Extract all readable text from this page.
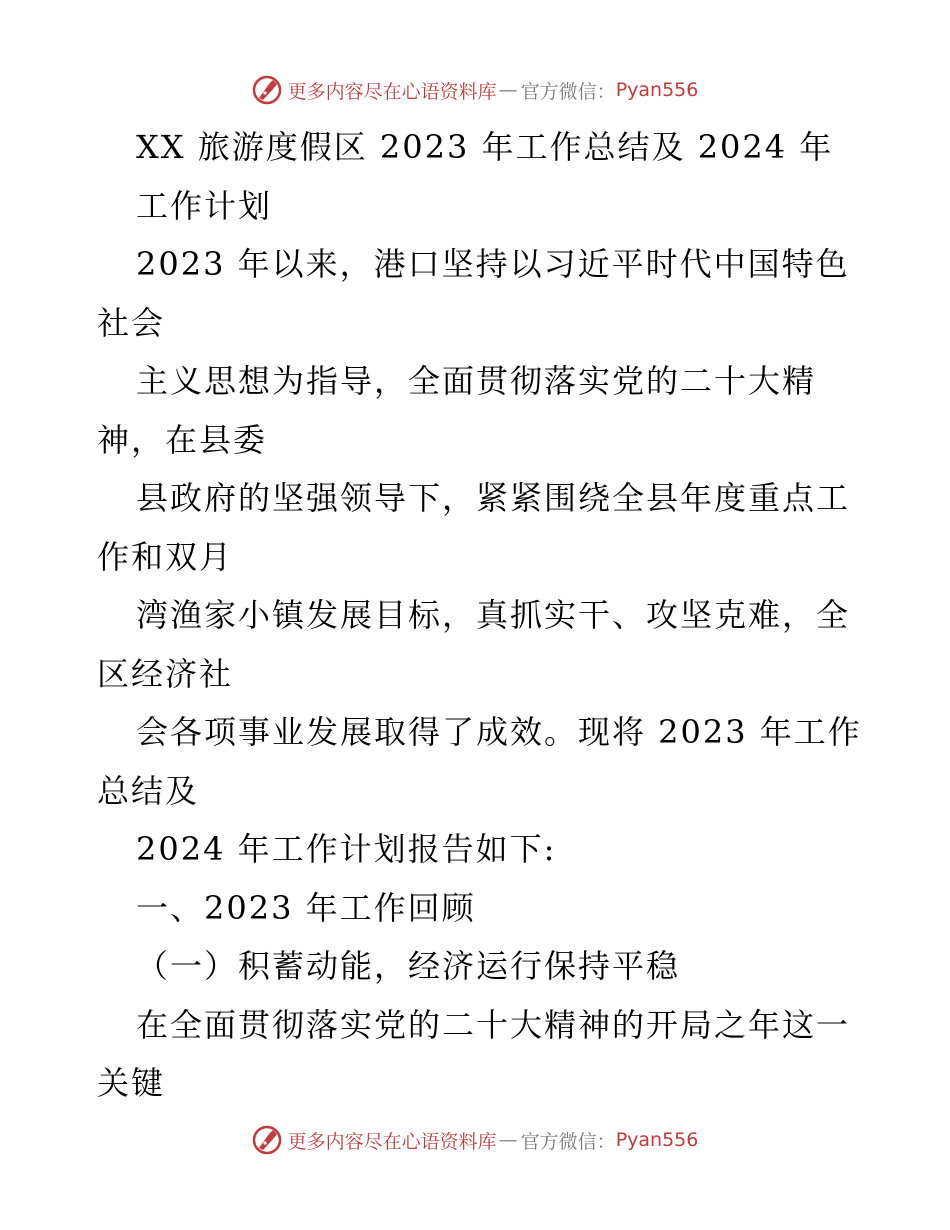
更多内容尽在心语资料库 — 官方微信： Pyan556
XX 旅游度假区 2023 年工作总结及 2024 年
工作计划
2023 年以来，港口坚持以习近平时代中国特色
社会
主义思想为指导，全面贯彻落实党的二十大精
神，在县委
县政府的坚强领导下，紧紧围绕全县年度重点工
作和双月
湾渔家小镇发展目标，真抓实干、攻坚克难，全
区经济社
会各项事业发展取得了成效。现将 2023 年工作
总结及
2024 年工作计划报告如下:
一、2023 年工作回顾
（一）积蓄动能，经济运行保持平稳
在全面贯彻落实党的二十大精神的开局之年这一
关键
更多内容尽在心语资料库 — 官方微信： Pyan556
